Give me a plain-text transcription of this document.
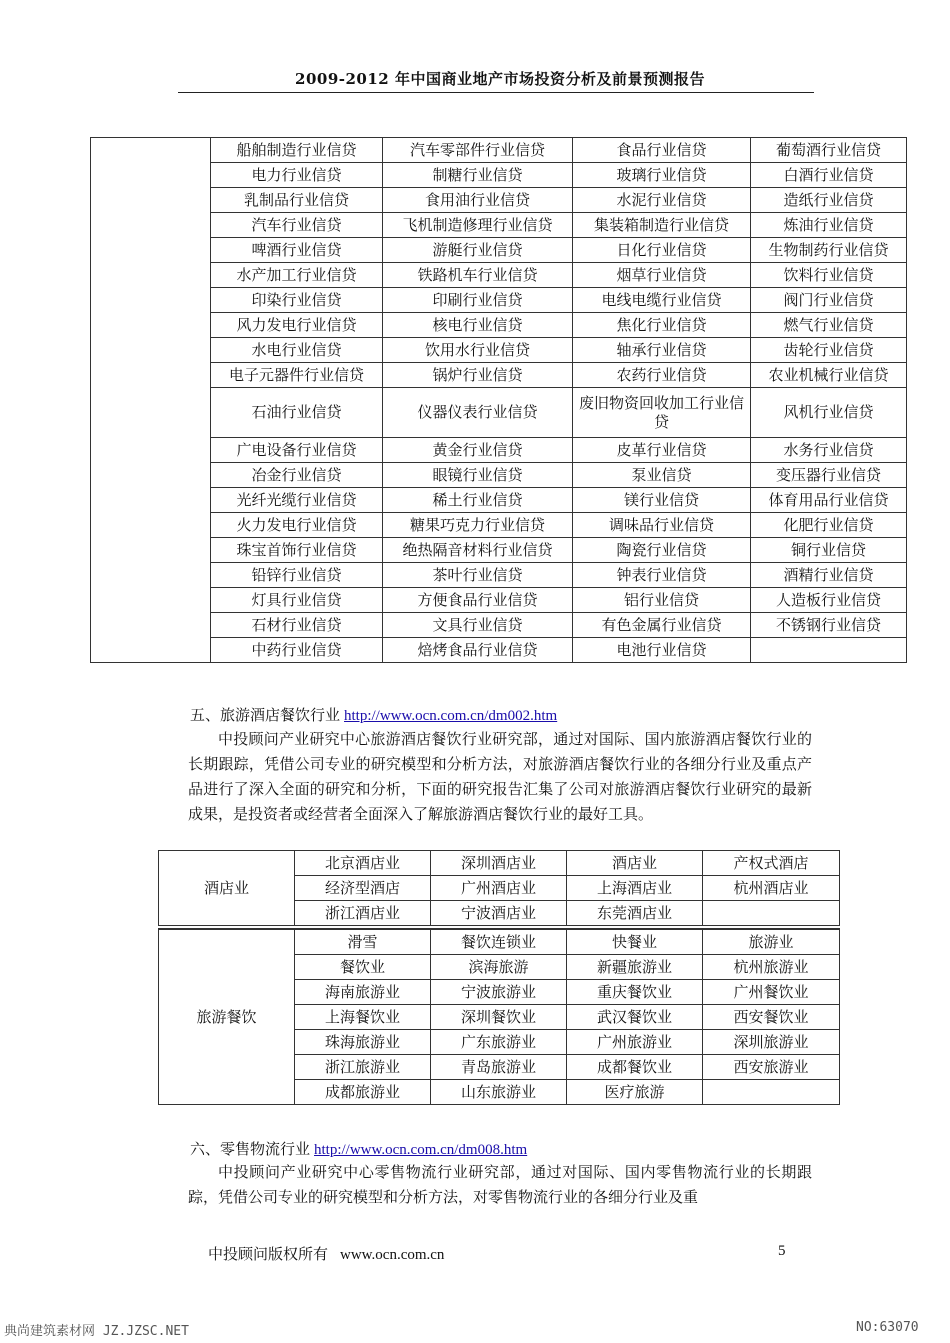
2009-2012 年中国商业地产市场投资分析及前景预测报告
	船舶制造行业信贷	汽车零部件行业信贷	食品行业信贷	葡萄酒行业信贷
	电力行业信贷	制糖行业信贷	玻璃行业信贷	白酒行业信贷
	乳制品行业信贷	食用油行业信贷	水泥行业信贷	造纸行业信贷
	汽车行业信贷	飞机制造修理行业信贷	集装箱制造行业信贷	炼油行业信贷
	啤酒行业信贷	游艇行业信贷	日化行业信贷	生物制药行业信贷
	水产加工行业信贷	铁路机车行业信贷	烟草行业信贷	饮料行业信贷
	印染行业信贷	印刷行业信贷	电线电缆行业信贷	阀门行业信贷
	风力发电行业信贷	核电行业信贷	焦化行业信贷	燃气行业信贷
	水电行业信贷	饮用水行业信贷	轴承行业信贷	齿轮行业信贷
	电子元器件行业信贷	锅炉行业信贷	农药行业信贷	农业机械行业信贷
	石油行业信贷	仪器仪表行业信贷	废旧物资回收加工行业信贷	风机行业信贷
	广电设备行业信贷	黄金行业信贷	皮革行业信贷	水务行业信贷
	冶金行业信贷	眼镜行业信贷	泵业信贷	变压器行业信贷
	光纤光缆行业信贷	稀土行业信贷	镁行业信贷	体育用品行业信贷
	火力发电行业信贷	糖果巧克力行业信贷	调味品行业信贷	化肥行业信贷
	珠宝首饰行业信贷	绝热隔音材料行业信贷	陶瓷行业信贷	铜行业信贷
	铅锌行业信贷	茶叶行业信贷	钟表行业信贷	酒精行业信贷
	灯具行业信贷	方便食品行业信贷	铝行业信贷	人造板行业信贷
	石材行业信贷	文具行业信贷	有色金属行业信贷	不锈钢行业信贷
	中药行业信贷	焙烤食品行业信贷	电池行业信贷	
五、旅游酒店餐饮行业 http://www.ocn.com.cn/dm002.htm
中投顾问产业研究中心旅游酒店餐饮行业研究部，通过对国际、国内旅游酒店餐饮行业的长期跟踪，凭借公司专业的研究模型和分析方法，对旅游酒店餐饮行业的各细分行业及重点产品进行了深入全面的研究和分析，下面的研究报告汇集了公司对旅游酒店餐饮行业研究的最新成果，是投资者或经营者全面深入了解旅游酒店餐饮行业的最好工具。
酒店业	北京酒店业	深圳酒店业	酒店业	产权式酒店
	经济型酒店	广州酒店业	上海酒店业	杭州酒店业
	浙江酒店业	宁波酒店业	东莞酒店业	
旅游餐饮	滑雪	餐饮连锁业	快餐业	旅游业
	餐饮业	滨海旅游	新疆旅游业	杭州旅游业
	海南旅游业	宁波旅游业	重庆餐饮业	广州餐饮业
	上海餐饮业	深圳餐饮业	武汉餐饮业	西安餐饮业
	珠海旅游业	广东旅游业	广州旅游业	深圳旅游业
	浙江旅游业	青岛旅游业	成都餐饮业	西安旅游业
	成都旅游业	山东旅游业	医疗旅游	
六、零售物流行业 http://www.ocn.com.cn/dm008.htm
中投顾问产业研究中心零售物流行业研究部，通过对国际、国内零售物流行业的长期跟踪，凭借公司专业的研究模型和分析方法，对零售物流行业的各细分行业及重
中投顾问版权所有 www.ocn.com.cn	5
典尚建筑素材网 JZ.JZSC.NET	NO:63070
